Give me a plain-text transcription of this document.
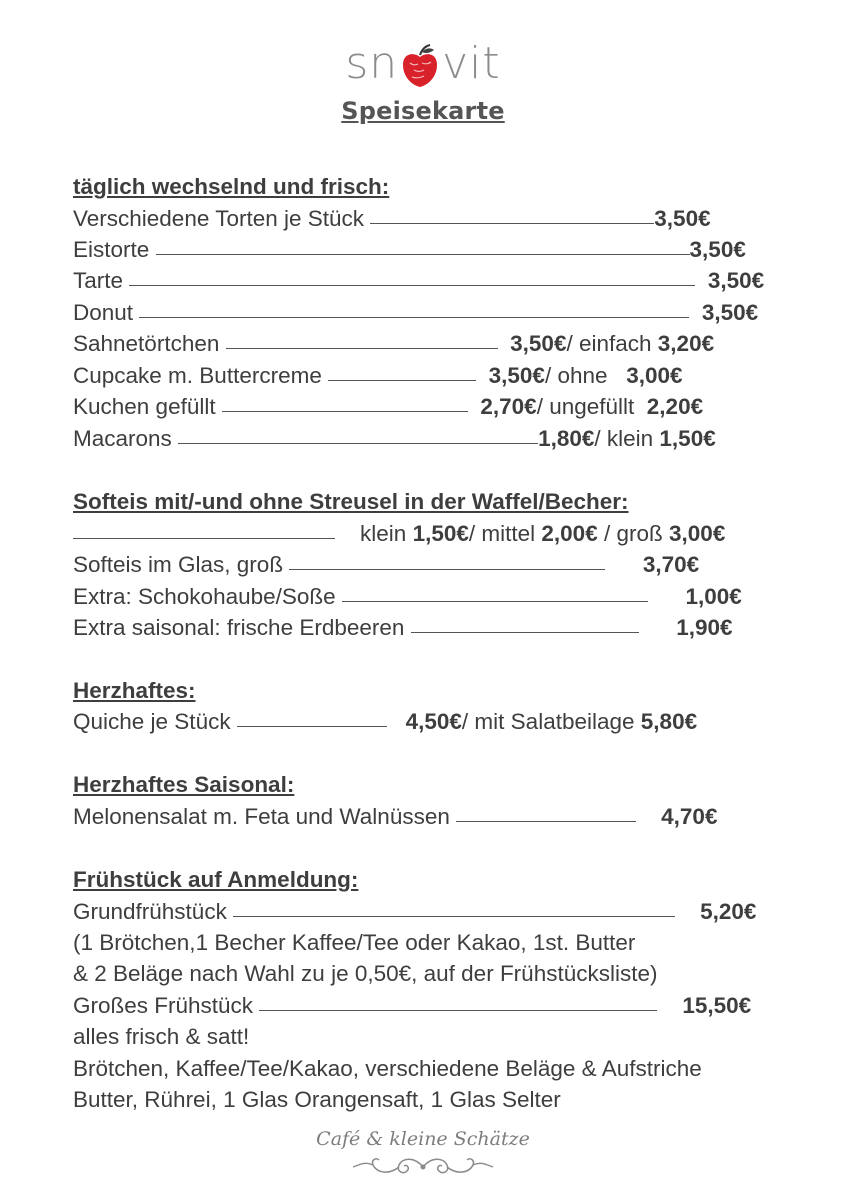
sn vit
Speisekarte
täglich wechselnd und frisch:
Verschiedene Torten je Stück	3,50€
Eistorte	3,50€
Tarte	3,50€
Donut	3,50€
Sahnetörtchen	3,50€/ einfach 3,20€
Cupcake m. Buttercreme	3,50€/ ohne 3,00€
Kuchen gefüllt	2,70€/ ungefüllt 2,20€
Macarons	1,80€/ klein 1,50€
Softeis mit/-und ohne Streusel in der Waffel/Becher:
klein 1,50€/ mittel 2,00€ / groß 3,00€
Softeis im Glas, groß	3,70€
Extra: Schokohaube/Soße	1,00€
Extra saisonal: frische Erdbeeren	1,90€
Herzhaftes:
Quiche je Stück	4,50€/ mit Salatbeilage 5,80€
Herzhaftes Saisonal:
Melonensalat m. Feta und Walnüssen	4,70€
Frühstück auf Anmeldung:
Grundfrühstück	5,20€
(1 Brötchen,1 Becher Kaffee/Tee oder Kakao, 1st. Butter
& 2 Beläge nach Wahl zu je 0,50€, auf der Frühstücksliste)
Großes Frühstück	15,50€
alles frisch & satt!
Brötchen, Kaffee/Tee/Kakao, verschiedene Beläge & Aufstriche
Butter, Rührei, 1 Glas Orangensaft, 1 Glas Selter
Café & kleine Schätze
